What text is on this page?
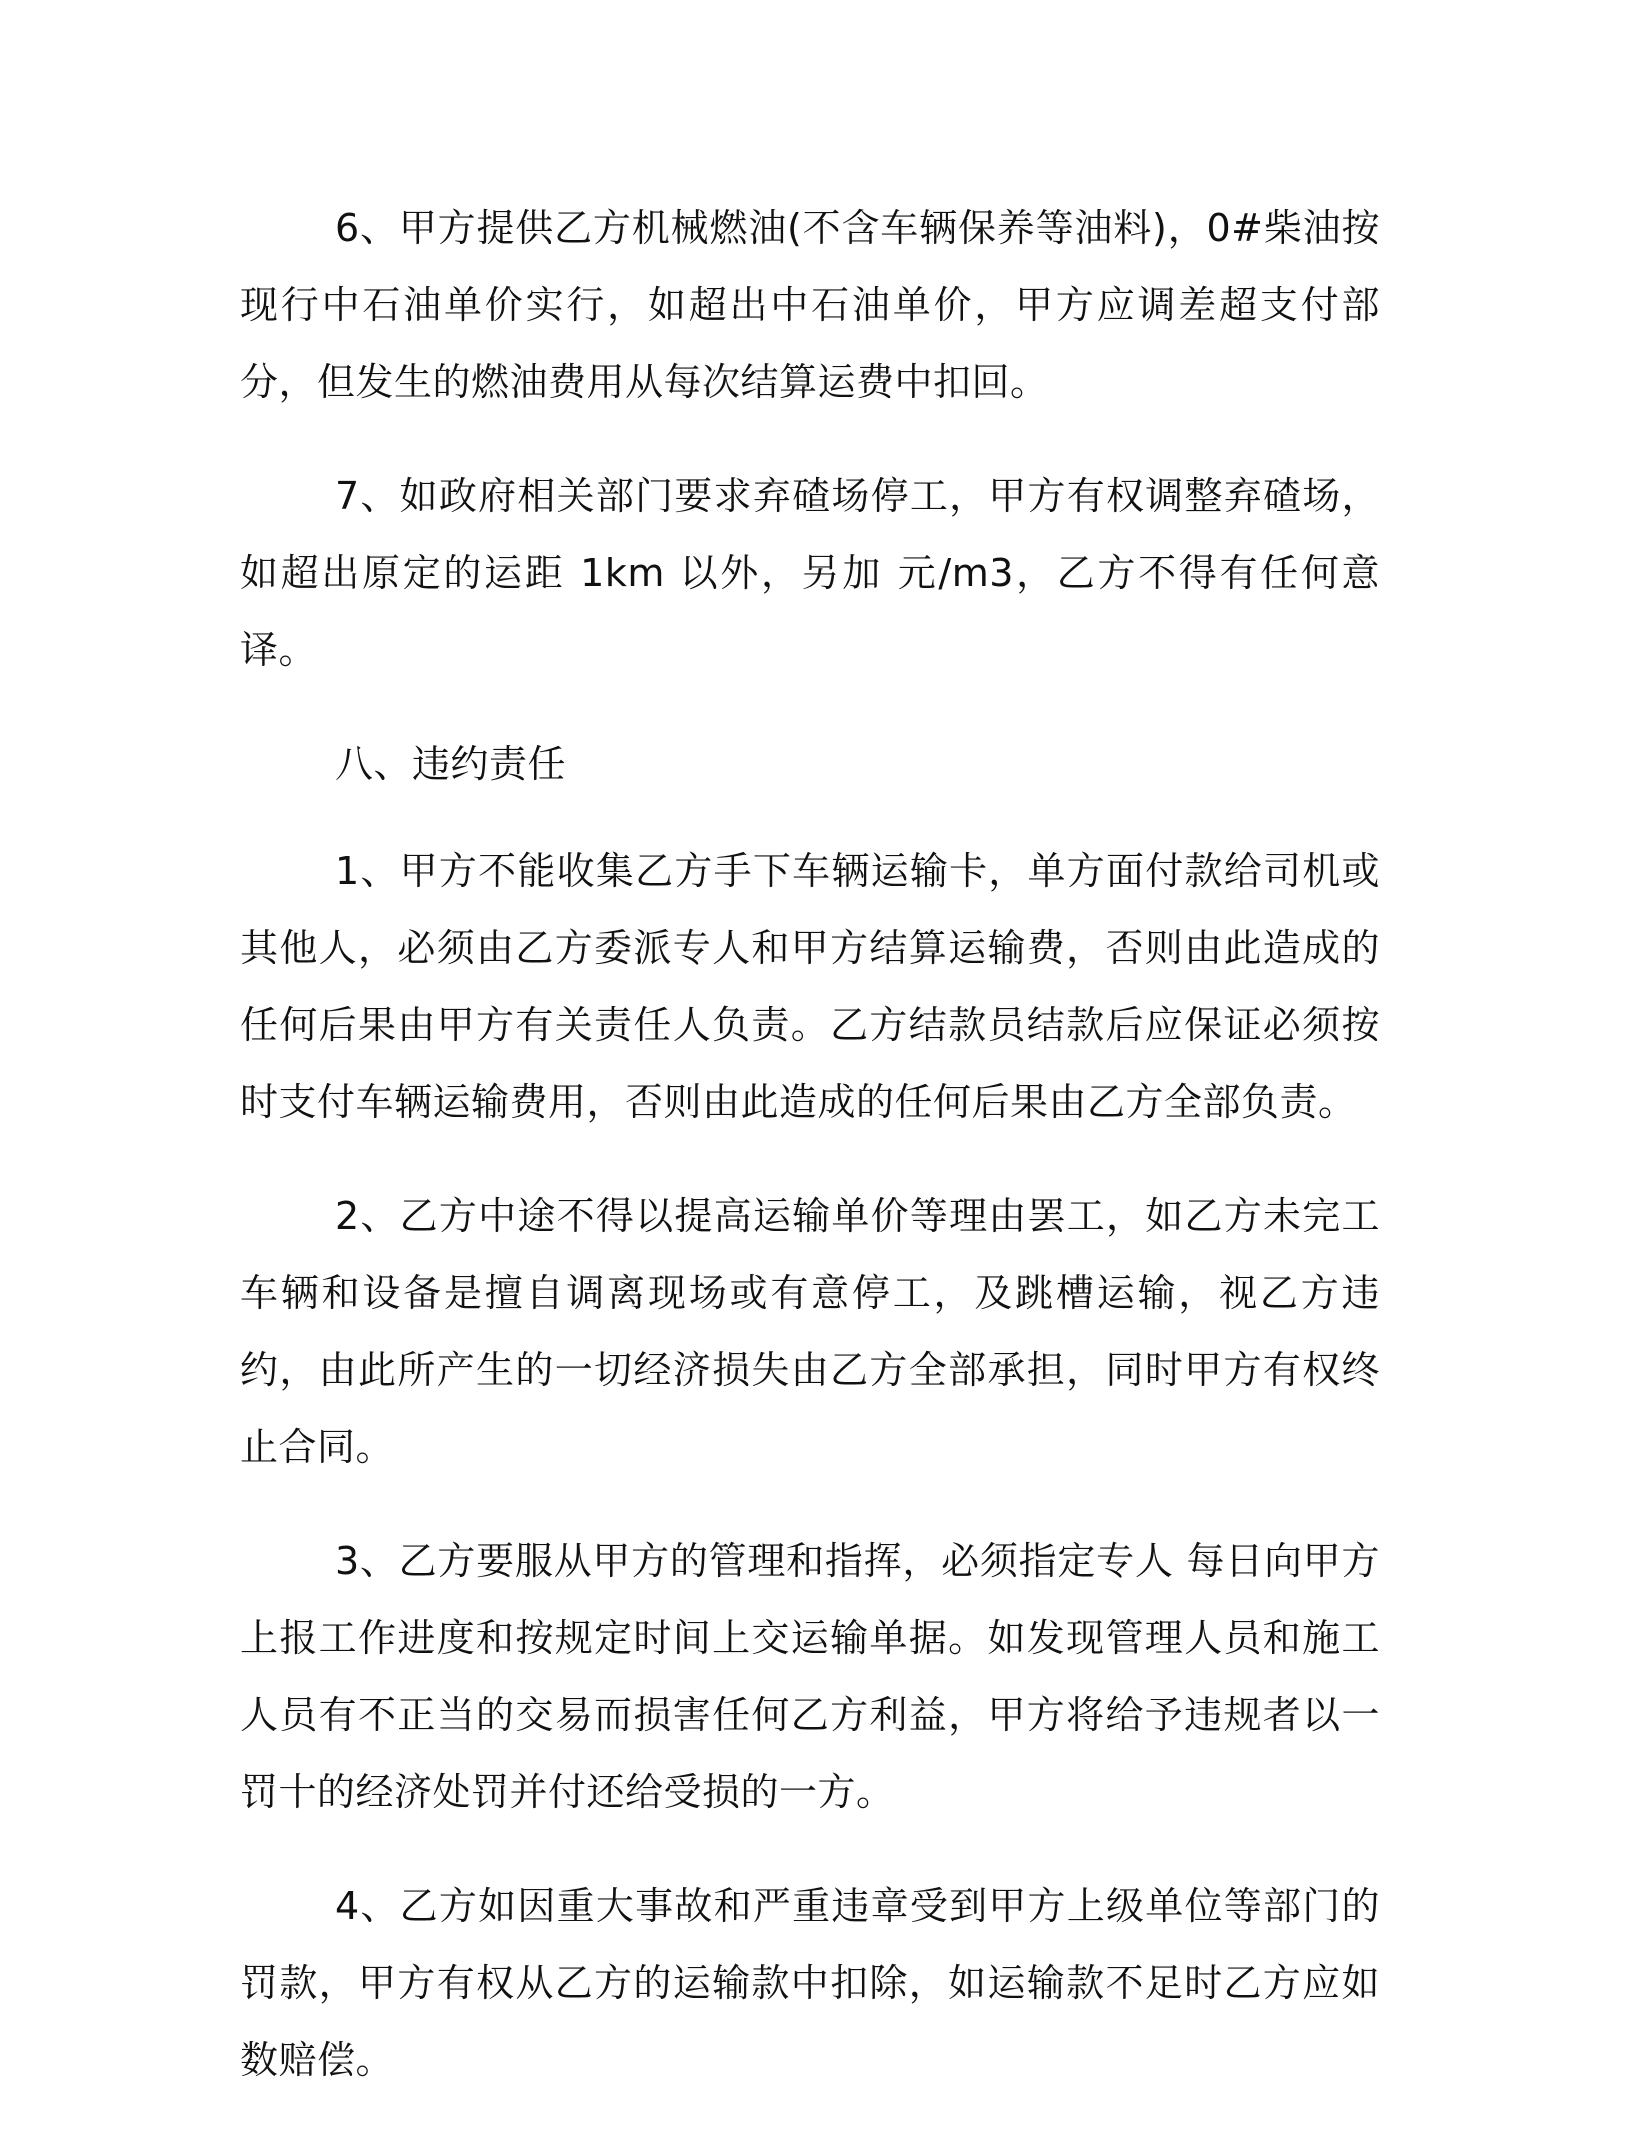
6、甲方提供乙方机械燃油(不含车辆保养等油料)，0#柴油按现行中石油单价实行，如超出中石油单价，甲方应调差超支付部分，但发生的燃油费用从每次结算运费中扣回。

7、如政府相关部门要求弃碴场停工，甲方有权调整弃碴场，如超出原定的运距 1km 以外，另加 元/m3，乙方不得有任何意译。

八、违约责任

1、甲方不能收集乙方手下车辆运输卡，单方面付款给司机或其他人，必须由乙方委派专人和甲方结算运输费，否则由此造成的任何后果由甲方有关责任人负责。乙方结款员结款后应保证必须按时支付车辆运输费用，否则由此造成的任何后果由乙方全部负责。

2、乙方中途不得以提高运输单价等理由罢工，如乙方未完工车辆和设备是擅自调离现场或有意停工，及跳槽运输，视乙方违约，由此所产生的一切经济损失由乙方全部承担，同时甲方有权终止合同。

3、乙方要服从甲方的管理和指挥，必须指定专人 每日向甲方上报工作进度和按规定时间上交运输单据。如发现管理人员和施工人员有不正当的交易而损害任何乙方利益，甲方将给予违规者以一罚十的经济处罚并付还给受损的一方。

4、乙方如因重大事故和严重违章受到甲方上级单位等部门的罚款，甲方有权从乙方的运输款中扣除，如运输款不足时乙方应如数赔偿。
